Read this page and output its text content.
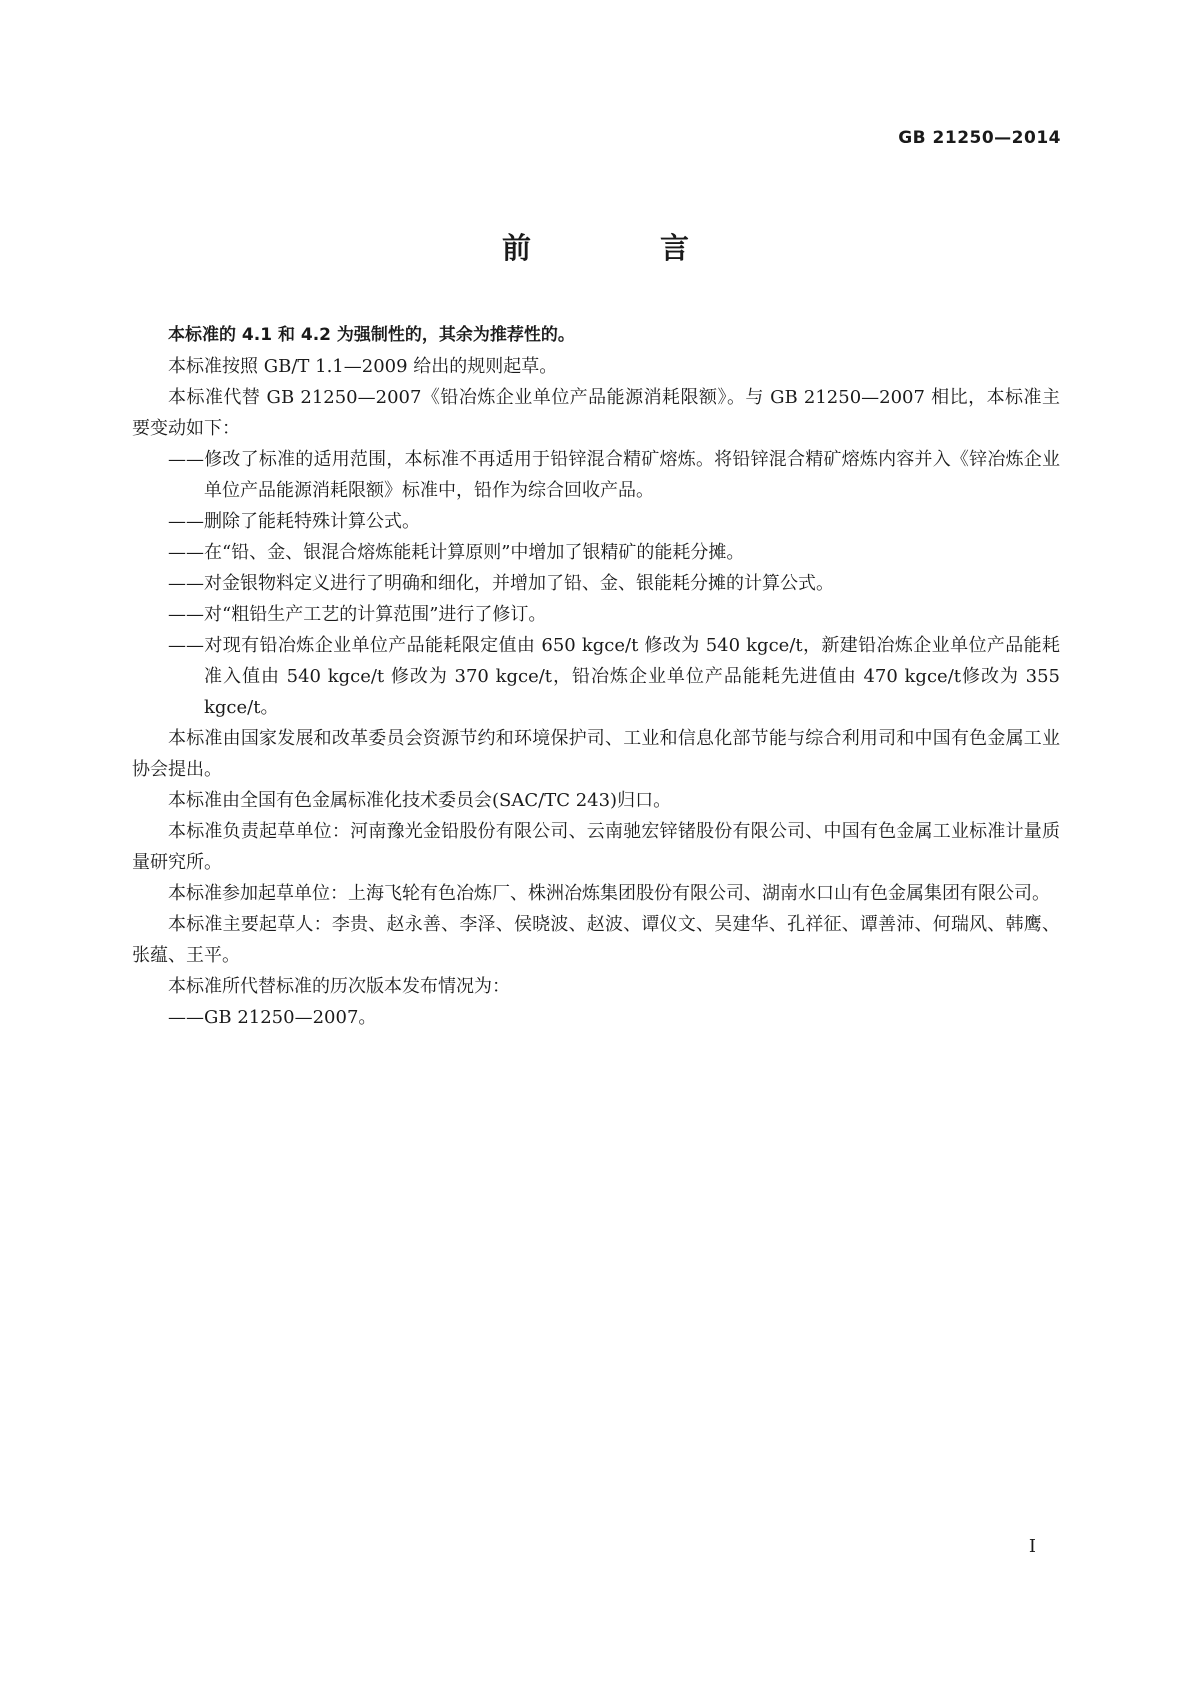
GB 21250—2014
前　言

本标准的 4.1 和 4.2 为强制性的，其余为推荐性的。

本标准按照 GB/T 1.1—2009 给出的规则起草。

本标准代替 GB 21250—2007《铅冶炼企业单位产品能源消耗限额》。与 GB 21250—2007 相比，本标准主要变动如下：

——修改了标准的适用范围，本标准不再适用于铅锌混合精矿熔炼。将铅锌混合精矿熔炼内容并入《锌冶炼企业单位产品能源消耗限额》标准中，铅作为综合回收产品。

——删除了能耗特殊计算公式。

——在“铅、金、银混合熔炼能耗计算原则”中增加了银精矿的能耗分摊。

——对金银物料定义进行了明确和细化，并增加了铅、金、银能耗分摊的计算公式。

——对“粗铅生产工艺的计算范围”进行了修订。

——对现有铅冶炼企业单位产品能耗限定值由 650 kgce/t 修改为 540 kgce/t，新建铅冶炼企业单位产品能耗准入值由 540 kgce/t 修改为 370 kgce/t，铅冶炼企业单位产品能耗先进值由 470 kgce/t修改为 355 kgce/t。

本标准由国家发展和改革委员会资源节约和环境保护司、工业和信息化部节能与综合利用司和中国有色金属工业协会提出。

本标准由全国有色金属标准化技术委员会(SAC/TC 243)归口。

本标准负责起草单位：河南豫光金铅股份有限公司、云南驰宏锌锗股份有限公司、中国有色金属工业标准计量质量研究所。

本标准参加起草单位：上海飞轮有色冶炼厂、株洲冶炼集团股份有限公司、湖南水口山有色金属集团有限公司。

本标准主要起草人：李贵、赵永善、李泽、侯晓波、赵波、谭仪文、吴建华、孔祥征、谭善沛、何瑞风、韩鹰、张蕴、王平。

本标准所代替标准的历次版本发布情况为：

——GB 21250—2007。

I
